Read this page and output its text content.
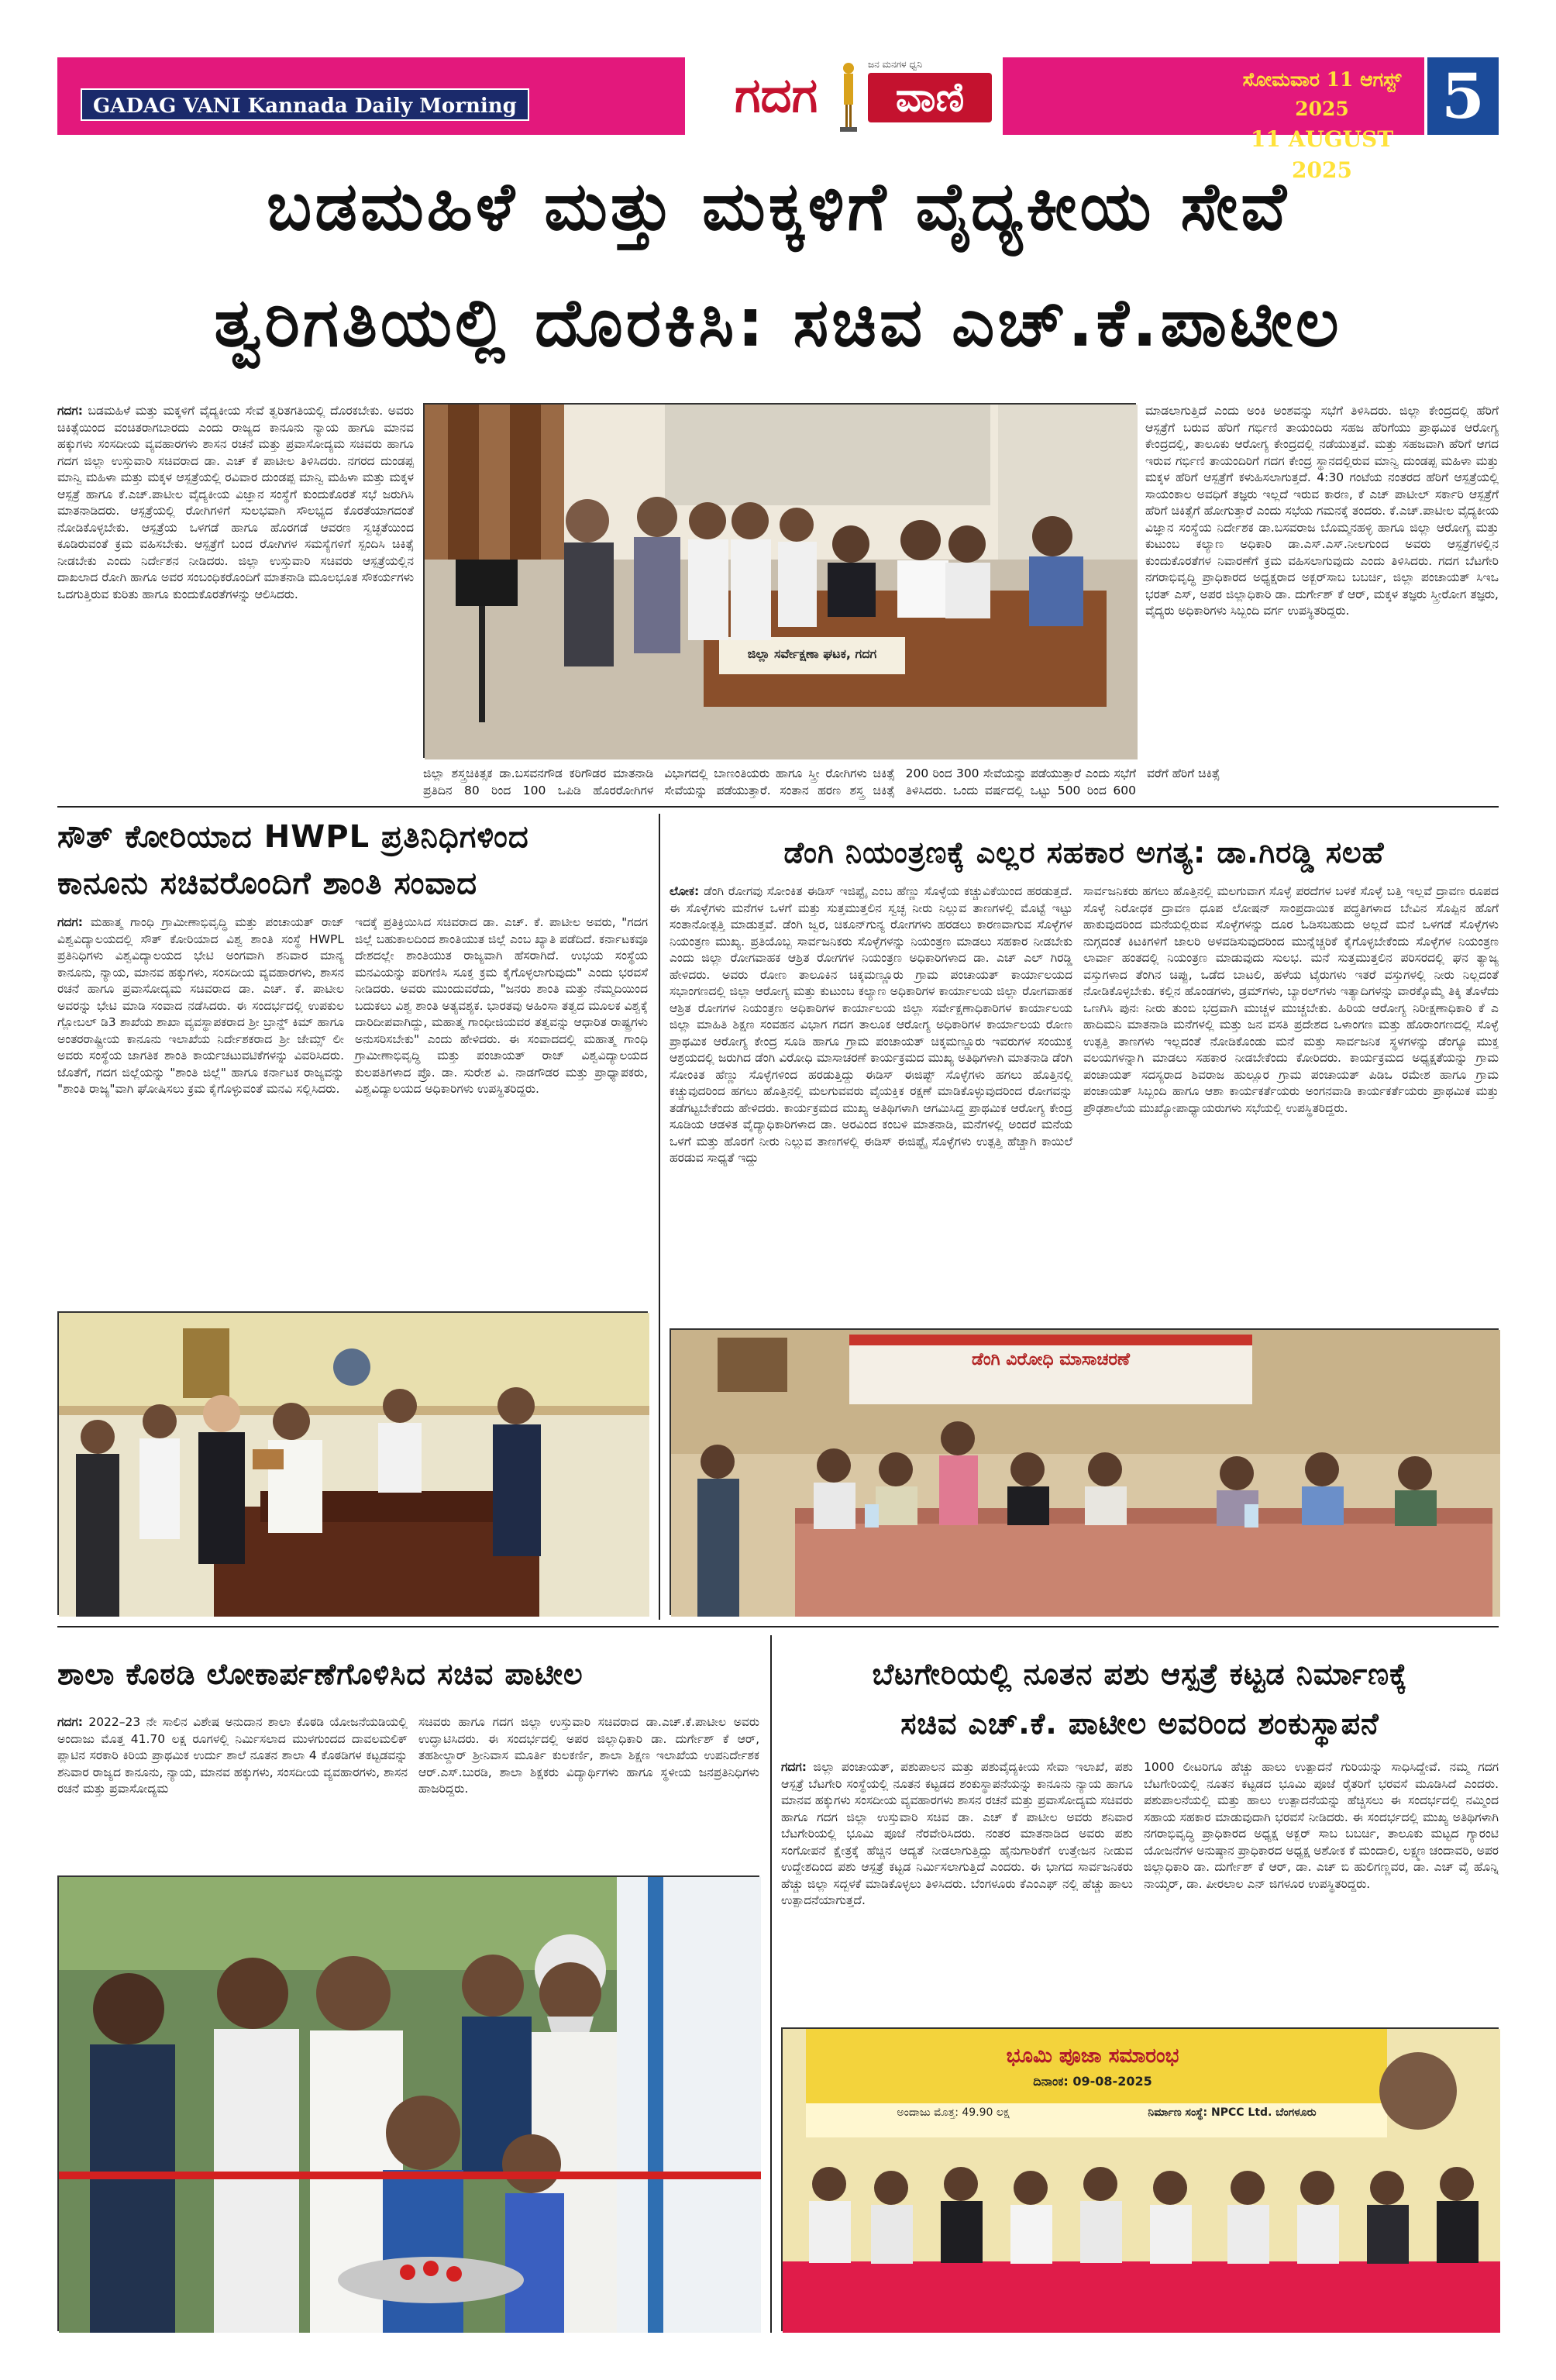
GADAG VANI Kannada Daily Morning	ಗದಗ
ಜನ ಮನಗಳ ಧ್ವನಿ
ವಾಣಿ	ಸೋಮವಾರ 11 ಆಗಸ್ಟ್ 2025
11 AUGUST 2025
5
ಬಡಮಹಿಳೆ ಮತ್ತು ಮಕ್ಕಳಿಗೆ ವೈದ್ಯಕೀಯ ಸೇವೆ
ತ್ವರಿಗತಿಯಲ್ಲಿ ದೊರಕಿಸಿ: ಸಚಿವ ಎಚ್.ಕೆ.ಪಾಟೀಲ
ಗದಗ: ಬಡಮಹಿಳೆ ಮತ್ತು ಮಕ್ಕಳಿಗೆ ವೈದ್ಯಕೀಯ ಸೇವೆ ತ್ವರಿತಗತಿಯಲ್ಲಿ ದೊರಕಬೇಕು. ಅವರು ಚಿಕಿತ್ಸೆಯಿಂದ ವಂಚಿತರಾಗಬಾರದು ಎಂದು ರಾಜ್ಯದ ಕಾನೂನು ನ್ಯಾಯ ಹಾಗೂ ಮಾನವ ಹಕ್ಕುಗಳು ಸಂಸದೀಯ ವ್ಯವಹಾರಗಳು ಶಾಸನ ರಚನೆ ಮತ್ತು ಪ್ರವಾಸೋದ್ಯಮ ಸಚಿವರು ಹಾಗೂ ಗದಗ ಜಿಲ್ಲಾ ಉಸ್ತುವಾರಿ ಸಚಿವರಾದ ಡಾ. ಎಚ್ ಕೆ ಪಾಟೀಲ ತಿಳಿಸಿದರು. ನಗರದ ದುಂಡಪ್ಪ ಮಾನ್ವಿ ಮಹಿಳಾ ಮತ್ತು ಮಕ್ಕಳ ಆಸ್ಪತ್ರೆಯಲ್ಲಿ ರವಿವಾರ ದುಂಡಪ್ಪ ಮಾನ್ವಿ ಮಹಿಳಾ ಮತ್ತು ಮಕ್ಕಳ ಆಸ್ಪತ್ರೆ ಹಾಗೂ ಕೆ.ಎಚ್.ಪಾಟೀಲ ವೈದ್ಯಕೀಯ ವಿಜ್ಞಾನ ಸಂಸ್ಥೆಗೆ ಕುಂದುಕೊರತೆ ಸಭೆ ಜರುಗಿಸಿ ಮಾತನಾಡಿದರು. ಆಸ್ಪತ್ರೆಯಲ್ಲಿ ರೋಗಿಗಳಿಗೆ ಸುಲಭವಾಗಿ ಸೌಲಭ್ಯದ ಕೊರತೆಯಾಗದಂತೆ ನೋಡಿಕೊಳ್ಳಬೇಕು. ಆಸ್ಪತ್ರೆಯ ಒಳಗಡೆ ಹಾಗೂ ಹೊರಗಡೆ ಆವರಣ ಸ್ವಚ್ಛತೆಯಿಂದ ಕೂಡಿರುವಂತೆ ಕ್ರಮ ವಹಿಸಬೇಕು. ಆಸ್ಪತ್ರೆಗೆ ಬಂದ ರೋಗಿಗಳ ಸಮಸ್ಯೆಗಳಿಗೆ ಸ್ಪಂದಿಸಿ ಚಿಕಿತ್ಸೆ ನೀಡಬೇಕು ಎಂದು ನಿರ್ದೇಶನ ನೀಡಿದರು. ಜಿಲ್ಲಾ ಉಸ್ತುವಾರಿ ಸಚಿವರು ಆಸ್ಪತ್ರೆಯಲ್ಲಿನ ದಾಖಲಾದ ರೋಗಿ ಹಾಗೂ ಅವರ ಸಂಬಂಧಿಕರೊಂದಿಗೆ ಮಾತನಾಡಿ ಮೂಲಭೂತ ಸೌಕರ್ಯಗಳು ಒದಗುತ್ತಿರುವ ಕುರಿತು ಹಾಗೂ ಕುಂದುಕೊರತೆಗಳನ್ನು ಆಲಿಸಿದರು.
ಜಿಲ್ಲಾ ಸರ್ವೇಕ್ಷಣಾ ಘಟಕ, ಗದಗ
ಜಿಲ್ಲಾ ಶಸ್ತ್ರಚಿಕಿತ್ಸಕ ಡಾ.ಬಸವನಗೌಡ ಕರಿಗೌಡರ ಮಾತನಾಡಿ ಪ್ರತಿದಿನ 80 ರಿಂದ 100 ಒಪಿಡಿ ಹೊರರೋಗಿಗಳ ವಿಭಾಗದಲ್ಲಿ ಬಾಣಂತಿಯರು ಹಾಗೂ ಸ್ತ್ರೀ ರೋಗಿಗಳು ಚಿಕಿತ್ಸೆ ಸೇವೆಯನ್ನು ಪಡೆಯುತ್ತಾರೆ. ಸಂತಾನ ಹರಣ ಶಸ್ತ್ರ ಚಿಕಿತ್ಸೆ 200 ರಿಂದ 300 ಸೇವೆಯನ್ನು ಪಡೆಯುತ್ತಾರೆ ಎಂದು ಸಭೆಗೆ ತಿಳಿಸಿದರು. ಒಂದು ವರ್ಷದಲ್ಲಿ ಒಟ್ಟು 500 ರಿಂದ 600 ವರೆಗೆ ಹೆರಿಗೆ ಚಿಕಿತ್ಸೆ
ಮಾಡಲಾಗುತ್ತಿದೆ ಎಂದು ಅಂಕಿ ಅಂಶವನ್ನು ಸಭೆಗೆ ತಿಳಿಸಿದರು. ಜಿಲ್ಲಾ ಕೇಂದ್ರದಲ್ಲಿ ಹೆರಿಗೆ ಆಸ್ಪತ್ರೆಗೆ ಬರುವ ಹೆರಿಗೆ ಗರ್ಭಿಣಿ ತಾಯಂದಿರು ಸಹಜ ಹೆರಿಗೆಯು ಪ್ರಾಥಮಿಕ ಆರೋಗ್ಯ ಕೇಂದ್ರದಲ್ಲಿ, ತಾಲೂಕು ಆರೋಗ್ಯ ಕೇಂದ್ರದಲ್ಲಿ ನಡೆಯುತ್ತವೆ. ಮತ್ತು ಸಹಜವಾಗಿ ಹೆರಿಗೆ ಆಗದ ಇರುವ ಗರ್ಭಿಣಿ ತಾಯಂದಿರಿಗೆ ಗದಗ ಕೇಂದ್ರ ಸ್ಥಾನದಲ್ಲಿರುವ ಮಾನ್ವಿ ದುಂಡಪ್ಪ ಮಹಿಳಾ ಮತ್ತು ಮಕ್ಕಳ ಹೆರಿಗೆ ಆಸ್ಪತ್ರೆಗೆ ಕಳುಹಿಸಲಾಗುತ್ತದೆ. 4:30 ಗಂಟೆಯ ನಂತರದ ಹೆರಿಗೆ ಆಸ್ಪತ್ರೆಯಲ್ಲಿ ಸಾಯಂಕಾಲ ಅವಧಿಗೆ ತಜ್ಞರು ಇಲ್ಲದೆ ಇರುವ ಕಾರಣ, ಕೆ ಎಚ್ ಪಾಟೀಲ್ ಸರ್ಕಾರಿ ಆಸ್ಪತ್ರೆಗೆ ಹೆರಿಗೆ ಚಿಕಿತ್ಸೆಗೆ ಹೋಗುತ್ತಾರೆ ಎಂದು ಸಭೆಯ ಗಮನಕ್ಕೆ ತಂದರು. ಕೆ.ಎಚ್.ಪಾಟೀಲ ವೈದ್ಯಕೀಯ ವಿಜ್ಞಾನ ಸಂಸ್ಥೆಯ ನಿರ್ದೇಶಕ ಡಾ.ಬಸವರಾಜ ಬೊಮ್ಮನಹಳ್ಳಿ ಹಾಗೂ ಜಿಲ್ಲಾ ಆರೋಗ್ಯ ಮತ್ತು ಕುಟುಂಬ ಕಲ್ಯಾಣ ಅಧಿಕಾರಿ ಡಾ.ಎಸ್.ಎಸ್.ನೀಲಗುಂದ ಅವರು ಆಸ್ಪತ್ರೆಗಳಲ್ಲಿನ ಕುಂದುಕೊರತೆಗಳ ನಿವಾರಣೆಗೆ ಕ್ರಮ ವಹಿಸಲಾಗುವುದು ಎಂದು ತಿಳಿಸಿದರು. ಗದಗ ಬೆಟಗೇರಿ ನಗರಾಭಿವೃದ್ಧಿ ಪ್ರಾಧಿಕಾರದ ಅಧ್ಯಕ್ಷರಾದ ಅಕ್ಬರ್‌ಸಾಬ ಬಬರ್ಚಿ, ಜಿಲ್ಲಾ ಪಂಚಾಯತ್ ಸಿಇಒ ಭರತ್ ಎಸ್, ಅಪರ ಜಿಲ್ಲಾಧಿಕಾರಿ ಡಾ. ದುರ್ಗೇಶ್ ಕೆ ಆರ್, ಮಕ್ಕಳ ತಜ್ಞರು ಸ್ತ್ರೀರೋಗ ತಜ್ಞರು, ವೈದ್ಯರು ಅಧಿಕಾರಿಗಳು ಸಿಬ್ಬಂದಿ ವರ್ಗ ಉಪಸ್ಥಿತರಿದ್ದರು.
ಸೌತ್ ಕೋರಿಯಾದ HWPL ಪ್ರತಿನಿಧಿಗಳಿಂದ
ಕಾನೂನು ಸಚಿವರೊಂದಿಗೆ ಶಾಂತಿ ಸಂವಾದ
ಗದಗ: ಮಹಾತ್ಮ ಗಾಂಧಿ ಗ್ರಾಮೀಣಾಭಿವೃದ್ಧಿ ಮತ್ತು ಪಂಚಾಯತ್ ರಾಜ್ ವಿಶ್ವವಿದ್ಯಾಲಯದಲ್ಲಿ ಸೌತ್ ಕೋರಿಯಾದ ವಿಶ್ವ ಶಾಂತಿ ಸಂಸ್ಥೆ HWPL ಪ್ರತಿನಿಧಿಗಳು ವಿಶ್ವವಿದ್ಯಾಲಯದ ಭೇಟಿ ಅಂಗವಾಗಿ ಶನಿವಾರ ಮಾನ್ಯ ಕಾನೂನು, ನ್ಯಾಯ, ಮಾನವ ಹಕ್ಕುಗಳು, ಸಂಸದೀಯ ವ್ಯವಹಾರಗಳು, ಶಾಸನ ರಚನೆ ಹಾಗೂ ಪ್ರವಾಸೋದ್ಯಮ ಸಚಿವರಾದ ಡಾ. ಎಚ್. ಕೆ. ಪಾಟೀಲ ಅವರನ್ನು ಭೇಟಿ ಮಾಡಿ ಸಂವಾದ ನಡೆಸಿದರು. ಈ ಸಂದರ್ಭದಲ್ಲಿ ಉಪಕುಲ ಗ್ಲೋಬಲ್ ಡಿ3 ಶಾಖೆಯ ಶಾಖಾ ವ್ಯವಸ್ಥಾಪಕರಾದ ಶ್ರೀ ಬ್ರಾನ್ಡ್ ಕಿಮ್ ಹಾಗೂ ಅಂತರರಾಷ್ಟ್ರೀಯ ಕಾನೂನು ಇಲಾಖೆಯ ನಿರ್ದೇಶಕರಾದ ಶ್ರೀ ಜೇಮ್ಸ್ ಲೀ ಅವರು ಸಂಸ್ಥೆಯ ಜಾಗತಿಕ ಶಾಂತಿ ಕಾರ್ಯಚಟುವಟಿಕೆಗಳನ್ನು ವಿವರಿಸಿದರು. ಜೊತೆಗೆ, ಗದಗ ಜಿಲ್ಲೆಯನ್ನು "ಶಾಂತಿ ಜಿಲ್ಲೆ" ಹಾಗೂ ಕರ್ನಾಟಕ ರಾಜ್ಯವನ್ನು "ಶಾಂತಿ ರಾಜ್ಯ"ವಾಗಿ ಘೋಷಿಸಲು ಕ್ರಮ ಕೈಗೊಳ್ಳುವಂತೆ ಮನವಿ ಸಲ್ಲಿಸಿದರು.
ಇದಕ್ಕೆ ಪ್ರತಿಕ್ರಿಯಿಸಿದ ಸಚಿವರಾದ ಡಾ. ಎಚ್. ಕೆ. ಪಾಟೀಲ ಅವರು, "ಗದಗ ಜಿಲ್ಲೆ ಬಹುಕಾಲದಿಂದ ಶಾಂತಿಯುತ ಜಿಲ್ಲೆ ಎಂಬ ಖ್ಯಾತಿ ಪಡೆದಿದೆ. ಕರ್ನಾಟಕವೂ ದೇಶದಲ್ಲೇ ಶಾಂತಿಯುತ ರಾಜ್ಯವಾಗಿ ಹೆಸರಾಗಿದೆ. ಉಭಯ ಸಂಸ್ಥೆಯ ಮನವಿಯನ್ನು ಪರಿಗಣಿಸಿ ಸೂಕ್ತ ಕ್ರಮ ಕೈಗೊಳ್ಳಲಾಗುವುದು" ಎಂದು ಭರವಸೆ ನೀಡಿದರು. ಅವರು ಮುಂದುವರೆದು, "ಜನರು ಶಾಂತಿ ಮತ್ತು ನೆಮ್ಮದಿಯಿಂದ ಬದುಕಲು ವಿಶ್ವ ಶಾಂತಿ ಅತ್ಯವಶ್ಯಕ. ಭಾರತವು ಅಹಿಂಸಾ ತತ್ವದ ಮೂಲಕ ವಿಶ್ವಕ್ಕೆ ದಾರಿದೀಪವಾಗಿದ್ದು, ಮಹಾತ್ಮ ಗಾಂಧೀಜಿಯವರ ತತ್ವವನ್ನು ಆಧಾರಿತ ರಾಷ್ಟ್ರಗಳು ಅನುಸರಿಸಬೇಕು" ಎಂದು ಹೇಳಿದರು. ಈ ಸಂವಾದದಲ್ಲಿ ಮಹಾತ್ಮ ಗಾಂಧಿ ಗ್ರಾಮೀಣಾಭಿವೃದ್ಧಿ ಮತ್ತು ಪಂಚಾಯತ್ ರಾಜ್ ವಿಶ್ವವಿದ್ಯಾಲಯದ ಕುಲಪತಿಗಳಾದ ಪ್ರೊ. ಡಾ. ಸುರೇಶ ವಿ. ನಾಡಗೌಡರ ಮತ್ತು ಪ್ರಾಧ್ಯಾಪಕರು, ವಿಶ್ವವಿದ್ಯಾಲಯದ ಅಧಿಕಾರಿಗಳು ಉಪಸ್ಥಿತರಿದ್ದರು.
ಡೆಂಗಿ ನಿಯಂತ್ರಣಕ್ಕೆ ಎಲ್ಲರ ಸಹಕಾರ ಅಗತ್ಯ: ಡಾ.ಗಿರಡ್ಡಿ ಸಲಹೆ
ಲೋಕ: ಡೆಂಗಿ ರೋಗವು ಸೋಂಕಿತ ಈಡಿಸ್ ಇಜಿಪ್ಟೈ ಎಂಬ ಹೆಣ್ಣು ಸೊಳ್ಳೆಯ ಕಚ್ಚುವಿಕೆಯಿಂದ ಹರಡುತ್ತದೆ. ಈ ಸೊಳ್ಳೆಗಳು ಮನೆಗಳ ಒಳಗೆ ಮತ್ತು ಸುತ್ತಮುತ್ತಲಿನ ಸ್ವಚ್ಛ ನೀರು ನಿಲ್ಲುವ ತಾಣಗಳಲ್ಲಿ ಮೊಟ್ಟೆ ಇಟ್ಟು ಸಂತಾನೋತ್ಪತ್ತಿ ಮಾಡುತ್ತವೆ. ಡೆಂಗಿ ಜ್ವರ, ಚಿಕೂನ್‌ಗುನ್ಯ ರೋಗಗಳು ಹರಡಲು ಕಾರಣವಾಗುವ ಸೊಳ್ಳೆಗಳ ನಿಯಂತ್ರಣ ಮುಖ್ಯ. ಪ್ರತಿಯೊಬ್ಬ ಸಾರ್ವಜನಿಕರು ಸೊಳ್ಳೆಗಳನ್ನು ನಿಯಂತ್ರಣ ಮಾಡಲು ಸಹಕಾರ ನೀಡಬೇಕು ಎಂದು ಜಿಲ್ಲಾ ರೋಗವಾಹಕ ಆಶ್ರಿತ ರೋಗಗಳ ನಿಯಂತ್ರಣ ಅಧಿಕಾರಿಗಳಾದ ಡಾ. ಎಚ್ ಎಲ್ ಗಿರಡ್ಡಿ ಹೇಳಿದರು. ಅವರು ರೋಣ ತಾಲೂಕಿನ ಚಿಕ್ಕಮಣ್ಣೂರು ಗ್ರಾಮ ಪಂಚಾಯತ್ ಕಾರ್ಯಾಲಯದ ಸಭಾಂಗಣದಲ್ಲಿ ಜಿಲ್ಲಾ ಆರೋಗ್ಯ ಮತ್ತು ಕುಟುಂಬ ಕಲ್ಯಾಣ ಅಧಿಕಾರಿಗಳ ಕಾರ್ಯಾಲಯ ಜಿಲ್ಲಾ ರೋಗವಾಹಕ ಆಶ್ರಿತ ರೋಗಗಳ ನಿಯಂತ್ರಣ ಅಧಿಕಾರಿಗಳ ಕಾರ್ಯಾಲಯ ಜಿಲ್ಲಾ ಸರ್ವೇಕ್ಷಣಾಧಿಕಾರಿಗಳ ಕಾರ್ಯಾಲಯ ಜಿಲ್ಲಾ ಮಾಹಿತಿ ಶಿಕ್ಷಣ ಸಂವಹನ ವಿಭಾಗ ಗದಗ ತಾಲೂಕ ಆರೋಗ್ಯ ಅಧಿಕಾರಿಗಳ ಕಾರ್ಯಾಲಯ ರೋಣ ಪ್ರಾಥಮಿಕ ಆರೋಗ್ಯ ಕೇಂದ್ರ ಸೂಡಿ ಹಾಗೂ ಗ್ರಾಮ ಪಂಚಾಯತ್ ಚಿಕ್ಕಮಣ್ಣೂರು ಇವರುಗಳ ಸಂಯುಕ್ತ ಆಶ್ರಯದಲ್ಲಿ ಜರುಗಿದ ಡೆಂಗಿ ವಿರೋಧಿ ಮಾಸಾಚರಣೆ ಕಾರ್ಯಕ್ರಮದ ಮುಖ್ಯ ಅತಿಥಿಗಳಾಗಿ ಮಾತನಾಡಿ ಡೆಂಗಿ ಸೋಂಕಿತ ಹೆಣ್ಣು ಸೊಳ್ಳೆಗಳಿಂದ ಹರಡುತ್ತಿದ್ದು ಈಡಿಸ್ ಈಜಿಪ್ಟ್ ಸೊಳ್ಳೆಗಳು ಹಗಲು ಹೊತ್ತಿನಲ್ಲಿ ಕಚ್ಚುವುದರಿಂದ ಹಗಲು ಹೊತ್ತಿನಲ್ಲಿ ಮಲಗುವವರು ವೈಯಕ್ತಿಕ ರಕ್ಷಣೆ ಮಾಡಿಕೊಳ್ಳುವುದರಿಂದ ರೋಗವನ್ನು ತಡೆಗಟ್ಟಬೇಕೆಂದು ಹೇಳಿದರು. ಕಾರ್ಯಕ್ರಮದ ಮುಖ್ಯ ಅತಿಥಿಗಳಾಗಿ ಆಗಮಿಸಿದ್ದ ಪ್ರಾಥಮಿಕ ಆರೋಗ್ಯ ಕೇಂದ್ರ ಸೂಡಿಯ ಆಡಳಿತ ವೈದ್ಯಾಧಿಕಾರಿಗಳಾದ ಡಾ. ಅರವಿಂದ ಕಂಬಳಿ ಮಾತನಾಡಿ, ಮನೆಗಳಲ್ಲಿ ಅಂದರೆ ಮನೆಯ ಒಳಗೆ ಮತ್ತು ಹೊರಗೆ ನೀರು ನಿಲ್ಲುವ ತಾಣಗಳಲ್ಲಿ ಈಡಿಸ್ ಈಜಿಪ್ಟೈ ಸೊಳ್ಳೆಗಳು ಉತ್ಪತ್ತಿ ಹೆಚ್ಚಾಗಿ ಕಾಯಿಲೆ ಹರಡುವ ಸಾಧ್ಯತೆ ಇದ್ದು
ಸಾರ್ವಜನಿಕರು ಹಗಲು ಹೊತ್ತಿನಲ್ಲಿ ಮಲಗುವಾಗ ಸೊಳ್ಳೆ ಪರದೆಗಳ ಬಳಕೆ ಸೊಳ್ಳೆ ಬತ್ತಿ ಇಲ್ಲವೆ ದ್ರಾವಣ ರೂಪದ ಸೊಳ್ಳೆ ನಿರೋಧಕ ದ್ರಾವಣ ಧೂಪ ಲೋಷನ್ ಸಾಂಪ್ರದಾಯಿಕ ಪದ್ಧತಿಗಳಾದ ಬೇವಿನ ಸೊಪ್ಪಿನ ಹೊಗೆ ಹಾಕುವುದರಿಂದ ಮನೆಯಲ್ಲಿರುವ ಸೊಳ್ಳೆಗಳನ್ನು ದೂರ ಓಡಿಸಬಹುದು ಅಲ್ಲದೆ ಮನೆ ಒಳಗಡೆ ಸೊಳ್ಳೆಗಳು ನುಗ್ಗದಂತೆ ಕಿಟಕಿಗಳಿಗೆ ಜಾಲರಿ ಅಳವಡಿಸುವುದರಿಂದ ಮುನ್ನೆಚ್ಚರಿಕೆ ಕೈಗೊಳ್ಳಬೇಕೆಂದು ಸೊಳ್ಳೆಗಳ ನಿಯಂತ್ರಣ ಲಾರ್ವಾ ಹಂತದಲ್ಲಿ ನಿಯಂತ್ರಣ ಮಾಡುವುದು ಸುಲಭ. ಮನೆ ಸುತ್ತಮುತ್ತಲಿನ ಪರಿಸರದಲ್ಲಿ ಘನ ತ್ಯಾಜ್ಯ ವಸ್ತುಗಳಾದ ತೆಂಗಿನ ಚಿಪ್ಪು, ಒಡೆದ ಬಾಟಲಿ, ಹಳೆಯ ಟೈರುಗಳು ಇತರೆ ವಸ್ತುಗಳಲ್ಲಿ ನೀರು ನಿಲ್ಲದಂತೆ ನೋಡಿಕೊಳ್ಳಬೇಕು. ಕಲ್ಲಿನ ಹೊಂಡಗಳು, ಡ್ರಮ್‌ಗಳು, ಬ್ಯಾರಲ್‌ಗಳು ಇತ್ಯಾದಿಗಳನ್ನು ವಾರಕ್ಕೊಮ್ಮೆ ತಿಕ್ಕಿ ತೊಳೆದು ಒಣಗಿಸಿ ಪುನಃ ನೀರು ತುಂಬಿ ಭದ್ರವಾಗಿ ಮುಚ್ಚಳ ಮುಚ್ಚಬೇಕು. ಹಿರಿಯ ಆರೋಗ್ಯ ನಿರೀಕ್ಷಣಾಧಿಕಾರಿ ಕೆ ಎ ಹಾದಿಮನಿ ಮಾತನಾಡಿ ಮನೆಗಳಲ್ಲಿ ಮತ್ತು ಜನ ವಸತಿ ಪ್ರದೇಶದ ಒಳಾಂಗಣ ಮತ್ತು ಹೊರಾಂಗಣದಲ್ಲಿ ಸೊಳ್ಳೆ ಉತ್ಪತ್ತಿ ತಾಣಗಳು ಇಲ್ಲದಂತೆ ನೋಡಿಕೊಂಡು ಮನೆ ಮತ್ತು ಸಾರ್ವಜನಿಕ ಸ್ಥಳಗಳನ್ನು ಡೆಂಗ್ಯೂ ಮುಕ್ತ ವಲಯಗಳನ್ನಾಗಿ ಮಾಡಲು ಸಹಕಾರ ನೀಡಬೇಕೆಂದು ಕೋರಿದರು. ಕಾರ್ಯಕ್ರಮದ ಅಧ್ಯಕ್ಷತೆಯನ್ನು ಗ್ರಾಮ ಪಂಚಾಯತ್ ಸದಸ್ಯರಾದ ಶಿವರಾಜ ಹುಲ್ಲೂರ ಗ್ರಾಮ ಪಂಚಾಯತ್ ಪಿಡಿಒ ರಮೇಶ ಹಾಗೂ ಗ್ರಾಮ ಪಂಚಾಯತ್ ಸಿಬ್ಬಂದಿ ಹಾಗೂ ಆಶಾ ಕಾರ್ಯಕರ್ತೆಯರು ಅಂಗನವಾಡಿ ಕಾರ್ಯಕರ್ತೆಯರು ಪ್ರಾಥಮಿಕ ಮತ್ತು ಪ್ರೌಢಶಾಲೆಯ ಮುಖ್ಯೋಪಾಧ್ಯಾಯರುಗಳು ಸಭೆಯಲ್ಲಿ ಉಪಸ್ಥಿತರಿದ್ದರು.
ಡೆಂಗಿ ವಿರೋಧಿ ಮಾಸಾಚರಣೆ
ಶಾಲಾ ಕೊಠಡಿ ಲೋಕಾರ್ಪಣೆಗೊಳಿಸಿದ ಸಚಿವ ಪಾಟೀಲ
ಗದಗ: 2022–23 ನೇ ಸಾಲಿನ ವಿಶೇಷ ಅನುದಾನ ಶಾಲಾ ಕೊಠಡಿ ಯೋಜನೆಯಡಿಯಲ್ಲಿ ಅಂದಾಜು ಮೊತ್ತ 41.70 ಲಕ್ಷ ರೂಗಳಲ್ಲಿ ನಿರ್ಮಿಸಲಾದ ಮುಳಗುಂದದ ದಾವಲಮಲಿಕ್ ಪ್ಲಾಟಿನ ಸರಕಾರಿ ಕಿರಿಯ ಪ್ರಾಥಮಿಕ ಉರ್ದು ಶಾಲೆ ನೂತನ ಶಾಲಾ 4 ಕೊಠಡಿಗಳ ಕಟ್ಟಡವನ್ನು ಶನಿವಾರ ರಾಜ್ಯದ ಕಾನೂನು, ನ್ಯಾಯ, ಮಾನವ ಹಕ್ಕುಗಳು, ಸಂಸದೀಯ ವ್ಯವಹಾರಗಳು, ಶಾಸನ ರಚನೆ ಮತ್ತು ಪ್ರವಾಸೋದ್ಯಮ
ಸಚಿವರು ಹಾಗೂ ಗದಗ ಜಿಲ್ಲಾ ಉಸ್ತುವಾರಿ ಸಚಿವರಾದ ಡಾ.ಎಚ್.ಕೆ.ಪಾಟೀಲ ಅವರು ಉದ್ಘಾಟಿಸಿದರು. ಈ ಸಂದರ್ಭದಲ್ಲಿ ಅಪರ ಜಿಲ್ಲಾಧಿಕಾರಿ ಡಾ. ದುರ್ಗೇಶ್ ಕೆ ಆರ್, ತಹಶೀಲ್ದಾರ್ ಶ್ರೀನಿವಾಸ ಮೂರ್ತಿ ಕುಲಕರ್ಣಿ, ಶಾಲಾ ಶಿಕ್ಷಣ ಇಲಾಖೆಯ ಉಪನಿರ್ದೇಶಕ ಆರ್.ಎಸ್.ಬುರಡಿ, ಶಾಲಾ ಶಿಕ್ಷಕರು ವಿದ್ಯಾರ್ಥಿಗಳು ಹಾಗೂ ಸ್ಥಳೀಯ ಜನಪ್ರತಿನಿಧಿಗಳು ಹಾಜರಿದ್ದರು.
ಬೆಟಗೇರಿಯಲ್ಲಿ ನೂತನ ಪಶು ಆಸ್ಪತ್ರೆ ಕಟ್ಟಡ ನಿರ್ಮಾಣಕ್ಕೆ
ಸಚಿವ ಎಚ್.ಕೆ. ಪಾಟೀಲ ಅವರಿಂದ ಶಂಕುಸ್ಥಾಪನೆ
ಗದಗ: ಜಿಲ್ಲಾ ಪಂಚಾಯತ್, ಪಶುಪಾಲನ ಮತ್ತು ಪಶುವೈದ್ಯಕೀಯ ಸೇವಾ ಇಲಾಖೆ, ಪಶು ಆಸ್ಪತ್ರೆ ಬೆಟಗೇರಿ ಸಂಸ್ಥೆಯಲ್ಲಿ ನೂತನ ಕಟ್ಟಡದ ಶಂಕುಸ್ಥಾಪನೆಯನ್ನು ಕಾನೂನು ನ್ಯಾಯ ಹಾಗೂ ಮಾನವ ಹಕ್ಕುಗಳು ಸಂಸದೀಯ ವ್ಯವಹಾರಗಳು ಶಾಸನ ರಚನೆ ಮತ್ತು ಪ್ರವಾಸೋದ್ಯಮ ಸಚಿವರು ಹಾಗೂ ಗದಗ ಜಿಲ್ಲಾ ಉಸ್ತುವಾರಿ ಸಚಿವ ಡಾ. ಎಚ್ ಕೆ ಪಾಟೀಲ ಅವರು ಶನಿವಾರ ಬೆಟಗೇರಿಯಲ್ಲಿ ಭೂಮಿ ಪೂಜೆ ನೆರವೇರಿಸಿದರು. ನಂತರ ಮಾತನಾಡಿದ ಅವರು ಪಶು ಸಂಗೋಪನೆ ಕ್ಷೇತ್ರಕ್ಕೆ ಹೆಚ್ಚಿನ ಆದ್ಯತೆ ನೀಡಲಾಗುತ್ತಿದ್ದು ಹೈನುಗಾರಿಕೆಗೆ ಉತ್ತೇಜನ ನೀಡುವ ಉದ್ದೇಶದಿಂದ ಪಶು ಆಸ್ಪತ್ರೆ ಕಟ್ಟಡ ನಿರ್ಮಿಸಲಾಗುತ್ತಿದೆ ಎಂದರು. ಈ ಭಾಗದ ಸಾರ್ವಜನಿಕರು ಹೆಚ್ಚು ಜಿಲ್ಲಾ ಸದ್ಬಳಕೆ ಮಾಡಿಕೊಳ್ಳಲು ತಿಳಿಸಿದರು. ಬೆಂಗಳೂರು ಕೆಎಂಎಫ್ ನಲ್ಲಿ ಹೆಚ್ಚು ಹಾಲು ಉತ್ಪಾದನೆಯಾಗುತ್ತದೆ.
1000 ಲೀಟರಿಗೂ ಹೆಚ್ಚು ಹಾಲು ಉತ್ಪಾದನೆ ಗುರಿಯನ್ನು ಸಾಧಿಸಿದ್ದೇವೆ. ನಮ್ಮ ಗದಗ ಬೆಟಗೇರಿಯಲ್ಲಿ ನೂತನ ಕಟ್ಟಡದ ಭೂಮಿ ಪೂಜೆ ರೈತರಿಗೆ ಭರವಸೆ ಮೂಡಿಸಿದೆ ಎಂದರು. ಪಶುಪಾಲನೆಯಲ್ಲಿ ಮತ್ತು ಹಾಲು ಉತ್ಪಾದನೆಯನ್ನು ಹೆಚ್ಚಿಸಲು ಈ ಸಂದರ್ಭದಲ್ಲಿ ನಮ್ಮಿಂದ ಸಹಾಯ ಸಹಕಾರ ಮಾಡುವುದಾಗಿ ಭರವಸೆ ನೀಡಿದರು. ಈ ಸಂದರ್ಭದಲ್ಲಿ ಮುಖ್ಯ ಅತಿಥಿಗಳಾಗಿ ನಗರಾಭಿವೃದ್ಧಿ ಪ್ರಾಧಿಕಾರದ ಅಧ್ಯಕ್ಷ ಅಕ್ಬರ್ ಸಾಬ ಬಬರ್ಚಿ, ತಾಲೂಕು ಮಟ್ಟದ ಗ್ಯಾರಂಟಿ ಯೋಜನೆಗಳ ಅನುಷ್ಠಾನ ಪ್ರಾಧಿಕಾರದ ಅಧ್ಯಕ್ಷ ಅಶೋಕ ಕೆ ಮಂದಾಲಿ, ಲಕ್ಷ್ಮಣ ಚಂದಾವರಿ, ಅಪರ ಜಿಲ್ಲಾಧಿಕಾರಿ ಡಾ. ದುರ್ಗೇಶ್ ಕೆ ಆರ್, ಡಾ. ಎಚ್ ಬಿ ಹುಲಿಗಣ್ಣವರ, ಡಾ. ಎಚ್ ವೈ ಹೊನ್ನಿ ನಾಯ್ಕರ್, ಡಾ. ಪೀರಲಾಲ ಎನ್ ಜಿಗಳೂರ ಉಪಸ್ಥಿತರಿದ್ದರು.
ಭೂಮಿ ಪೂಜಾ ಸಮಾರಂಭ
ದಿನಾಂಕ: 09-08-2025
ಅಂದಾಜು ಮೊತ್ತ: 49.90 ಲಕ್ಷ	ನಿರ್ಮಾಣ ಸಂಸ್ಥೆ: NPCC Ltd. ಬೆಂಗಳೂರು
